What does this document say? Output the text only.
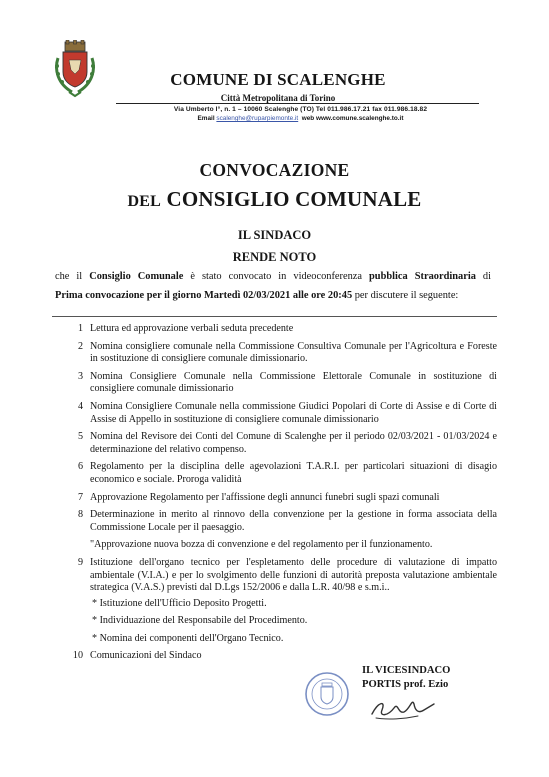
COMUNE DI SCALENGHE
Città Metropolitana di Torino
Via Umberto I°, n. 1 – 10060 Scalenghe (TO) Tel 011.986.17.21 fax 011.986.18.82
Email scalenghe@ruparpiemonte.it web www.comune.scalenghe.to.it
CONVOCAZIONE
DEL CONSIGLIO COMUNALE
IL SINDACO
RENDE NOTO
che il Consiglio Comunale è stato convocato in videoconferenza pubblica Straordinaria di
Prima convocazione per il giorno Martedì 02/03/2021 alle ore 20:45 per discutere il seguente:
1 Lettura ed approvazione verbali seduta precedente
2 Nomina consigliere comunale nella Commissione Consultiva Comunale per l'Agricoltura e Foreste in sostituzione di consigliere comunale dimissionario.
3 Nomina Consigliere Comunale nella Commissione Elettorale Comunale in sostituzione di consigliere comunale dimissionario
4 Nomina Consigliere Comunale nella commissione Giudici Popolari di Corte di Assise e di Corte di Assise di Appello in sostituzione di consigliere comunale dimissionario
5 Nomina del Revisore dei Conti del Comune di Scalenghe per il periodo 02/03/2021 - 01/03/2024 e determinazione del relativo compenso.
6 Regolamento per la disciplina delle agevolazioni T.A.R.I. per particolari situazioni di disagio economico e sociale. Proroga validità
7 Approvazione Regolamento per l'affissione degli annunci funebri sugli spazi comunali
8 Determinazione in merito al rinnovo della convenzione per la gestione in forma associata della Commissione Locale per il paesaggio.
"Approvazione nuova bozza di convenzione e del regolamento per il funzionamento.
9 Istituzione dell'organo tecnico per l'espletamento delle procedure di valutazione di impatto ambientale (V.I.A.) e per lo svolgimento delle funzioni di autorità preposta valutazione ambientale strategica (V.A.S.) previsti dal D.Lgs 152/2006 e dalla L.R. 40/98 e s.m.i..
* Istituzione dell'Ufficio Deposito Progetti.
* Individuazione del Responsabile del Procedimento.
* Nomina dei componenti dell'Organo Tecnico.
10 Comunicazioni del Sindaco
IL VICESINDACO
PORTIS prof. Ezio
